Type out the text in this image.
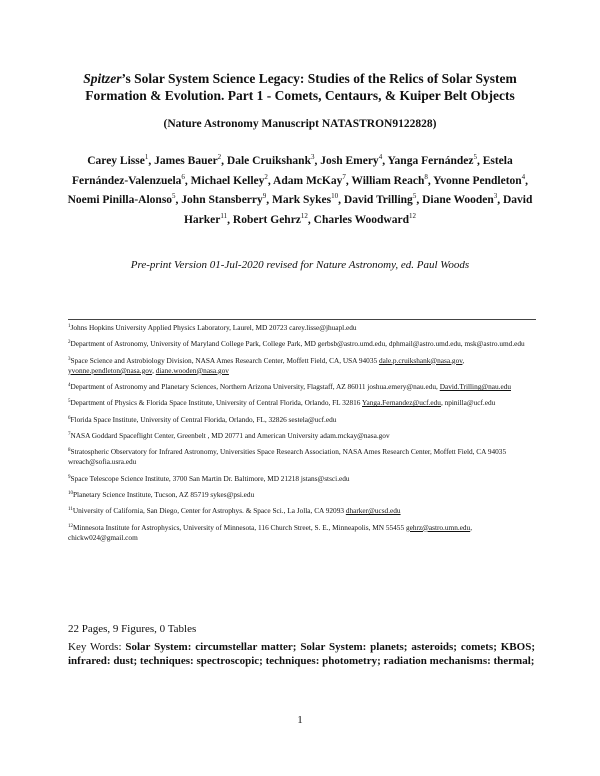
Spitzer’s Solar System Science Legacy: Studies of the Relics of Solar System
Formation & Evolution. Part 1 - Comets, Centaurs, & Kuiper Belt Objects
(Nature Astronomy Manuscript NATASTRON9122828)
Carey Lisse$^1$, James Bauer$^2$, Dale Cruikshank$^3$, Josh Emery$^4$, Yanga Fernández$^5$, Estela Fernández-Valenzuela$^6$, Michael Kelley$^2$, Adam McKay$^7$, William Reach$^8$, Yvonne Pendleton$^4$, Noemi Pinilla-Alonso$^5$, John Stansberry$^9$, Mark Sykes$^{10}$, David Trilling$^5$, Diane Wooden$^3$, David Harker$^{11}$, Robert Gehrz$^{12}$, Charles Woodward$^{12}$
Pre-print Version 01-Jul-2020 revised for Nature Astronomy, ed. Paul Woods
$^1$Johns Hopkins University Applied Physics Laboratory, Laurel, MD 20723 carey.lisse@jhuapl.edu
$^2$Department of Astronomy, University of Maryland College Park, College Park, MD gerbsb@astro.umd.edu, dphmail@astro.umd.edu, msk@astro.umd.edu
$^3$Space Science and Astrobiology Division, NASA Ames Research Center, Moffett Field, CA, USA 94035 dale.p.cruikshank@nasa.gov, yvonne.pendleton@nasa.gov, diane.wooden@nasa.gov
$^4$Department of Astronomy and Planetary Sciences, Northern Arizona University, Flagstaff, AZ 86011 joshua.emery@nau.edu, David.Trilling@nau.edu
$^5$Department of Physics & Florida Space Institute, University of Central Florida, Orlando, FL 32816 Yanga.Fernandez@ucf.edu, npinilla@ucf.edu
$^6$Florida Space Institute, University of Central Florida, Orlando, FL, 32826 sestela@ucf.edu
$^7$NASA Goddard Spaceflight Center, Greenbelt , MD 20771 and American University adam.mckay@nasa.gov
$^8$Stratospheric Observatory for Infrared Astronomy, Universities Space Research Association, NASA Ames Research Center, Moffett Field, CA 94035 wreach@sofia.usra.edu
$^9$Space Telescope Science Institute, 3700 San Martin Dr. Baltimore, MD 21218 jstans@stsci.edu
$^{10}$Planetary Science Institute, Tucson, AZ 85719 sykes@psi.edu
$^{11}$University of California, San Diego, Center for Astrophys. & Space Sci., La Jolla, CA 92093 dharker@ucsd.edu
$^{12}$Minnesota Institute for Astrophysics, University of Minnesota, 116 Church Street, S. E., Minneapolis, MN 55455 gehrz@astro.umn.edu, chickw024@gmail.com
22 Pages, 9 Figures, 0 Tables
Key Words: Solar System: circumstellar matter; Solar System: planets; asteroids; comets; KBOS; infrared: dust; techniques: spectroscopic; techniques: photometry; radiation mechanisms: thermal;
1
